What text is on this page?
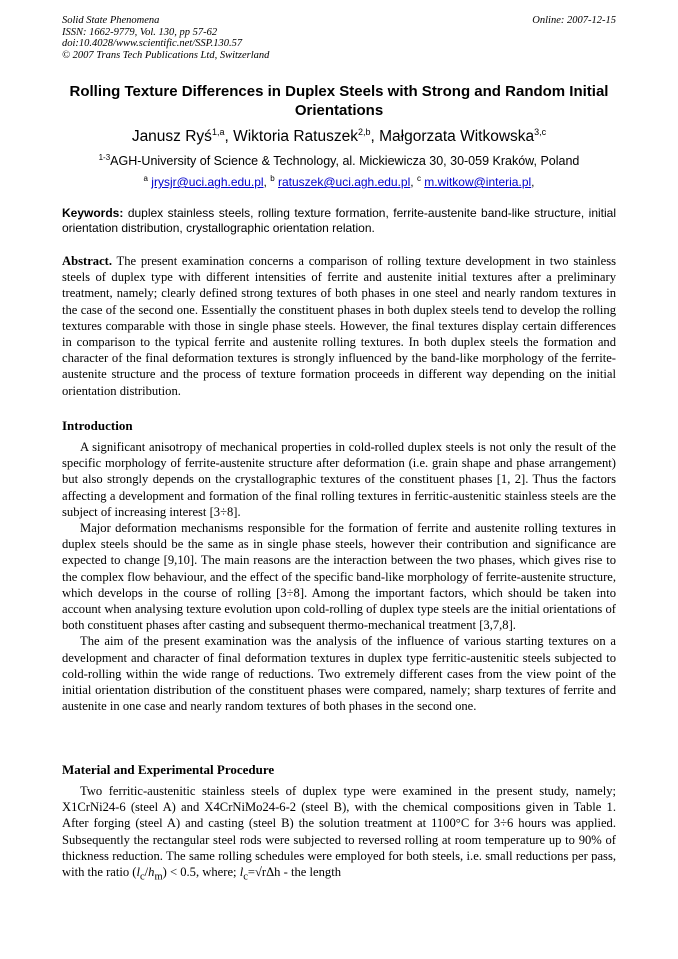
Solid State Phenomena
ISSN: 1662-9779, Vol. 130, pp 57-62
doi:10.4028/www.scientific.net/SSP.130.57
© 2007 Trans Tech Publications Ltd, Switzerland
Online: 2007-12-15
Rolling Texture Differences in Duplex Steels with Strong and Random Initial Orientations
Janusz Ryś$^{1,a}$, Wiktoria Ratuszek$^{2,b}$, Małgorzata Witkowska$^{3,c}$
$^{1-3}$AGH-University of Science & Technology, al. Mickiewicza 30, 30-059 Kraków, Poland
$^a$ jrysjr@uci.agh.edu.pl, $^b$ ratuszek@uci.agh.edu.pl, $^c$ m.witkow@interia.pl,
Keywords: duplex stainless steels, rolling texture formation, ferrite-austenite band-like structure, initial orientation distribution, crystallographic orientation relation.
Abstract. The present examination concerns a comparison of rolling texture development in two stainless steels of duplex type with different intensities of ferrite and austenite initial textures after a preliminary treatment, namely; clearly defined strong textures of both phases in one steel and nearly random textures in the case of the second one. Essentially the constituent phases in both duplex steels tend to develop the rolling textures comparable with those in single phase steels. However, the final textures display certain differences in comparison to the typical ferrite and austenite rolling textures. In both duplex steels the formation and character of the final deformation textures is strongly influenced by the band-like morphology of the ferrite-austenite structure and the process of texture formation proceeds in different way depending on the initial orientation distribution.
Introduction

A significant anisotropy of mechanical properties in cold-rolled duplex steels is not only the result of the specific morphology of ferrite-austenite structure after deformation (i.e. grain shape and phase arrangement) but also strongly depends on the crystallographic textures of the constituent phases [1, 2]. Thus the factors affecting a development and formation of the final rolling textures in ferritic-austenitic stainless steels are the subject of increasing interest [3÷8].

Major deformation mechanisms responsible for the formation of ferrite and austenite rolling textures in duplex steels should be the same as in single phase steels, however their contribution and significance are expected to change [9,10]. The main reasons are the interaction between the two phases, which gives rise to the complex flow behaviour, and the effect of the specific band-like morphology of ferrite-austenite structure, which develops in the course of rolling [3÷8]. Among the important factors, which should be taken into account when analysing texture evolution upon cold-rolling of duplex type steels are the initial orientations of both constituent phases after casting and subsequent thermo-mechanical treatment [3,7,8].

The aim of the present examination was the analysis of the influence of various starting textures on a development and character of final deformation textures in duplex type ferritic-austenitic steels subjected to cold-rolling within the wide range of reductions. Two extremely different cases from the view point of the initial orientation distribution of the constituent phases were compared, namely; sharp textures of ferrite and austenite in one case and nearly random textures of both phases in the second one.

Material and Experimental Procedure

Two ferritic-austenitic stainless steels of duplex type were examined in the present study, namely; X1CrNi24-6 (steel A) and X4CrNiMo24-6-2 (steel B), with the chemical compositions given in Table 1. After forging (steel A) and casting (steel B) the solution treatment at 1100°C for 3÷6 hours was applied. Subsequently the rectangular steel rods were subjected to reversed rolling at room temperature up to 90% of thickness reduction. The same rolling schedules were employed for both steels, i.e. small reductions per pass, with the ratio $(l_c/h_m) < 0.5$, where; $l_c=√r\Delta h$ - the length
